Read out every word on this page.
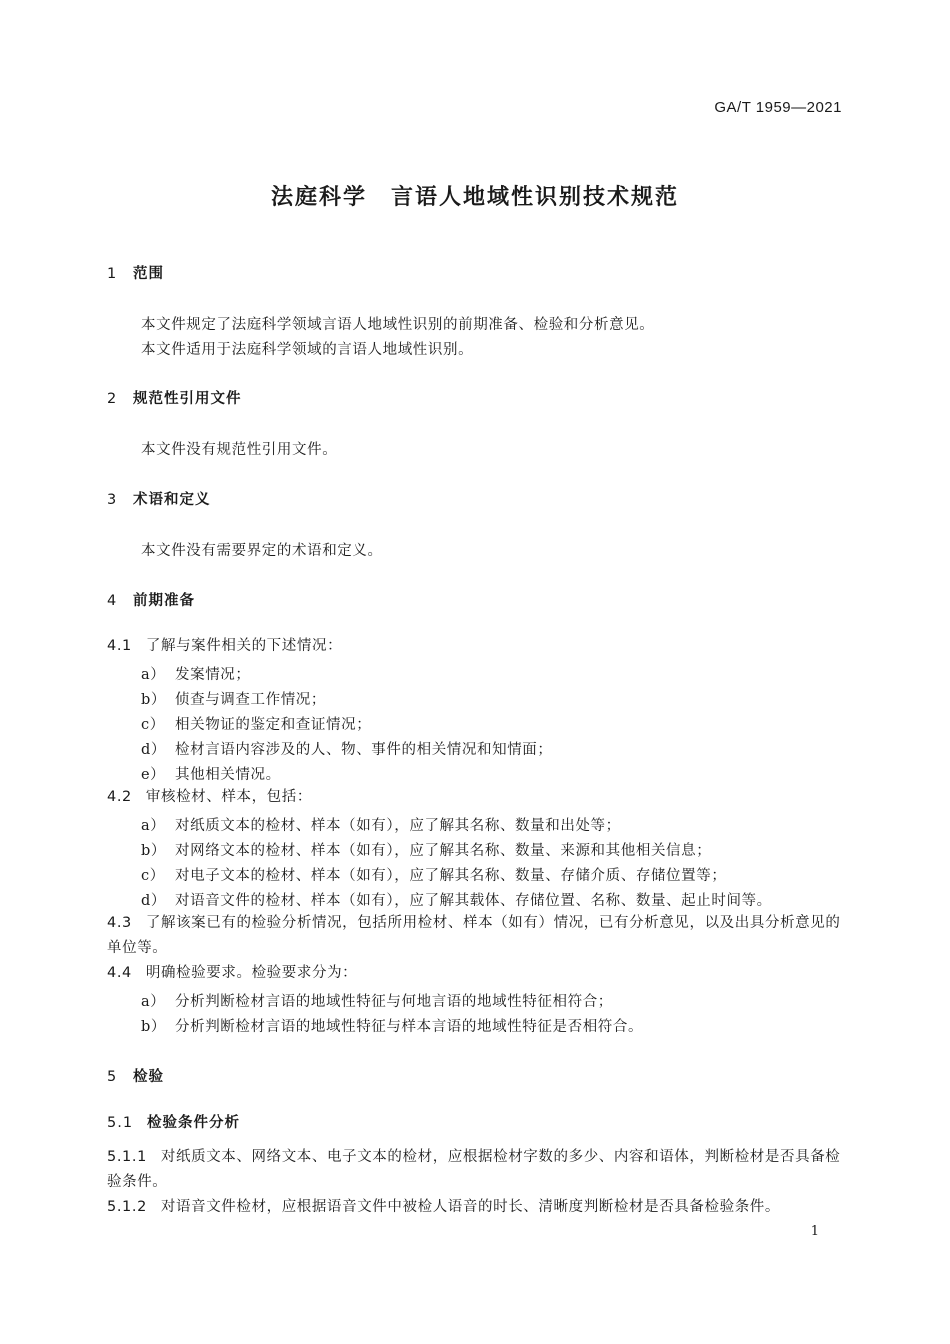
GA/T 1959—2021
法庭科学　言语人地域性识别技术规范
1 范围
本文件规定了法庭科学领域言语人地域性识别的前期准备、检验和分析意见。
本文件适用于法庭科学领域的言语人地域性识别。
2 规范性引用文件
本文件没有规范性引用文件。
3 术语和定义
本文件没有需要界定的术语和定义。
4 前期准备
4.1 了解与案件相关的下述情况：
a） 发案情况；
b） 侦查与调查工作情况；
c） 相关物证的鉴定和查证情况；
d） 检材言语内容涉及的人、物、事件的相关情况和知情面；
e） 其他相关情况。
4.2 审核检材、样本，包括：
a） 对纸质文本的检材、样本（如有），应了解其名称、数量和出处等；
b） 对网络文本的检材、样本（如有），应了解其名称、数量、来源和其他相关信息；
c） 对电子文本的检材、样本（如有），应了解其名称、数量、存储介质、存储位置等；
d） 对语音文件的检材、样本（如有），应了解其载体、存储位置、名称、数量、起止时间等。
4.3 了解该案已有的检验分析情况，包括所用检材、样本（如有）情况，已有分析意见，以及出具分析意见的单位等。
4.4 明确检验要求。检验要求分为：
a） 分析判断检材言语的地域性特征与何地言语的地域性特征相符合；
b） 分析判断检材言语的地域性特征与样本言语的地域性特征是否相符合。
5 检验
5.1 检验条件分析
5.1.1 对纸质文本、网络文本、电子文本的检材，应根据检材字数的多少、内容和语体，判断检材是否具备检验条件。
5.1.2 对语音文件检材，应根据语音文件中被检人语音的时长、清晰度判断检材是否具备检验条件。
1
